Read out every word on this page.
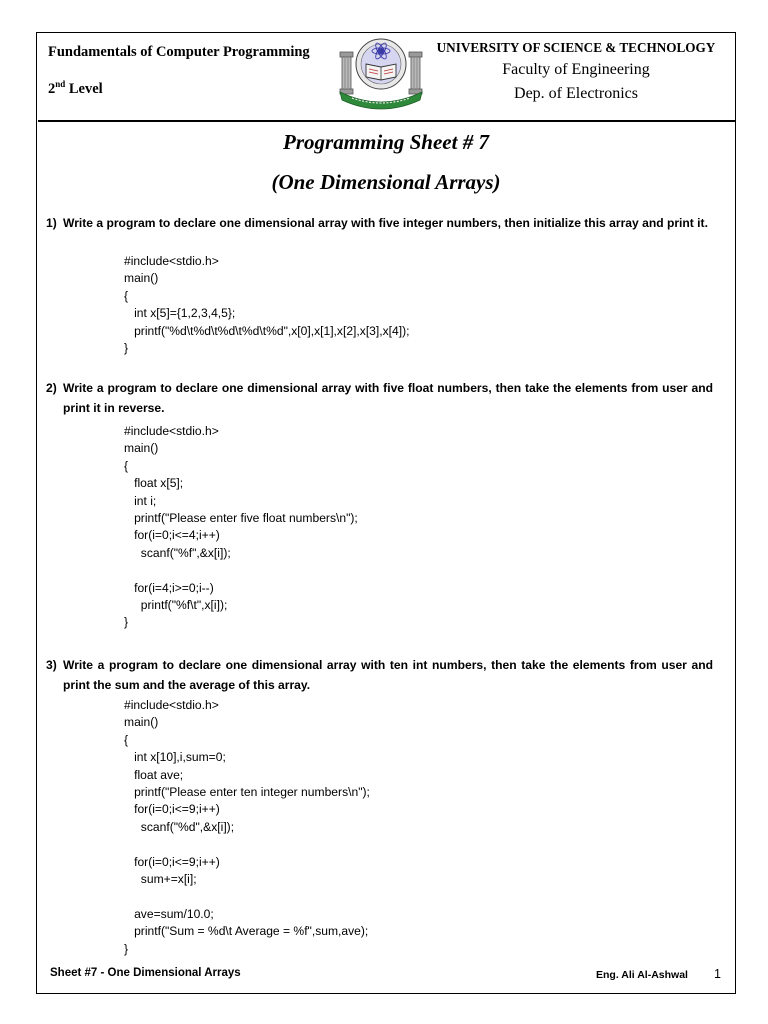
Fundamentals of Computer Programming
2nd Level
UNIVERSITY OF SCIENCE & TECHNOLOGY
Faculty of Engineering
Dep. of Electronics
Programming Sheet # 7
(One Dimensional Arrays)
1) Write a program to declare one dimensional array with five integer numbers, then initialize this array and print it.
#include<stdio.h>
main()
{
int x[5]={1,2,3,4,5};
printf("%d\t%d\t%d\t%d\t%d",x[0],x[1],x[2],x[3],x[4]);
}
2) Write a program to declare one dimensional array with five float numbers, then take the elements from user and print it in reverse.
#include<stdio.h>
main()
{
float x[5];
int i;
printf("Please enter five float numbers\n");
for(i=0;i<=4;i++)
scanf("%f",&x[i]);

for(i=4;i>=0;i--)
printf("%f\t",x[i]);
}
3) Write a program to declare one dimensional array with ten int numbers, then take the elements from user and print the sum and the average of this array.
#include<stdio.h>
main()
{
int x[10],i,sum=0;
float ave;
printf("Please enter ten integer numbers\n");
for(i=0;i<=9;i++)
scanf("%d",&x[i]);

for(i=0;i<=9;i++)
sum+=x[i];

ave=sum/10.0;
printf("Sum = %d\t Average = %f",sum,ave);
}
Sheet #7 - One Dimensional Arrays	Eng. Ali Al-Ashwal 1
